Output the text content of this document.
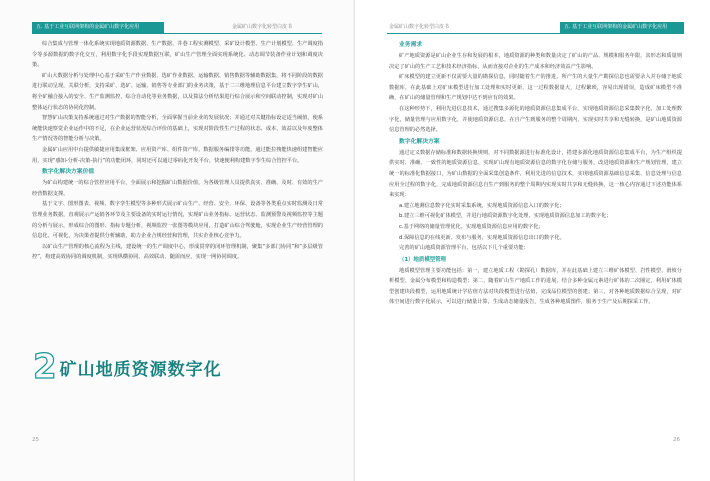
五. 基于工业互联网架构的金属矿山数字化应用	金属矿山数字化转型白皮书

综合集成与管理一体化系统实现地质资源数据、生产数据、井巷工程实测模型、采矿设计模型、生产计划模型、生产调度指令等多源数据的数字化交互，利用数字化手段实现数据互联，矿山生产管理全面实现系统化、动态调节装备作业计划和调度决策。

矿山大数据分析与处理中心基于采矿生产作业数据、选矿作业数据、运输数据、销售数据等辅助数据集，将不同阶段的数据进行联动呈现，关联分析，支持采矿、选矿、运输、销售等专业部门的业务决策，基于二三维地理信息平台建立数字孪生矿山，将全矿融合接入的安全、生产监测监控，综合自动化等业务数据，以及算法分析结果进行综合展示和空间联动控制，实现对矿山整体运行状态的协同化控制。

智慧矿山决策支持系统通过对生产数据的智能分析，全面掌握当前企业的发展状况；并通过对关键指标设定适当阈值，使系统能快速察觉企业运作中的不足，在企业运营状况综合评价的基础上，实现对阶段性生产过程的状态、成本、效益以及年度整体生产情况等的智能分析与决策。

金属矿山应用中台提供敏捷应用集成框架、应用资产库、组件资产库、数据服务编排等功能，通过能拉拽能快速组建智能应用，实现“感知-分析-决策-执行”的功能闭环，同时还可以通过零码化开发平台，快速便利构建数字孪生综合管控平台。

数字化解决方案价值

为矿山构建统一的综合管控应用平台，全面展示和挖掘矿山数据价值，为各级管理人员提供真实、准确、及时、有效的生产经营数据支撑。

基于文字、图形图表、视频、数字孪生模型等多种形式展示矿山生产、经营、安全、环保、设备等各类重点实时监测及日常管理业务数据，直观展示产运销各环节及主要设备的实时运行情况，实现矿山业务指标、运营状态、监测预警及视频监控等主题的分析与展示，形成综合的图形、指标专题分析，视频监控一张图等模块应用，打造矿山综合驾驶舱，实现企业生产经营管理的信息化、可视化，为决策者提供分析辅助，助力企业合规经营和管理，共实企业核心竞争力。

以矿山生产管理的核心流程为主线，建设统一的生产调度中心，形成贯穿的闭环管理机制，聚集“多部门协同”和“多层级管控”，构建高效协同的调度机制，实现纵横协同、高效联动、随需而应，实现一网协同调度。

2 矿山地质资源数字化
25
金属矿山数字化转型白皮书	五. 基于工业互联网架构的金属矿山数字化应用
业务需求

矿产地质资源是矿山企业生存和发展的根本，地质资源的种类和数量决定了矿山的产品、规模和服务年限，其形态和质量则决定了矿山的生产工艺和技术经济指标，从而直接对企业的生产成本和经济效益产生影响。

矿床模型的建立更新不仅需要大量的勘探信息，同时随着生产的推进，所产生的大量生产勘探信息也需要录入并存储于地质数据库，在此基础上对矿床模型进行加工处理和实时更新，这一过程数据量大，过程繁琐，容易出现错误，造成矿床模型不准确，在矿山的储量管理和生产规划中达不到应有的效果。

在这种形势下，利用先进信息技术，通过搜集多源化的地质资源信息集成平台，实现地质资源信息采集数字化，加工处理数字化，储量管理与应用数字化，并使地质资源信息，在自产生到服务的整个周期内，实现实时共享和无缝转换，是矿山地质资源信息管理的必然选择。

数字化解决方案

通过定义数据存储标准和数据转换规则，对不同数据源进行标准化设计，搭建多源化地质资源信息集成平台，为生产组织提供实时、准确、一致性的地质资源信息，实现矿山现有地质资源信息的数字化存储与服务，改进地质资源和生产规划管理，建立统一的标准化数据接口，为矿山数据的全面采集创造条件，利用先进的信息技术，实现地质资源基础信息采集、信息处理与信息应用全过程的数字化，完成地质资源信息自生产到服务的整个周期内实现实时共享和无缝转换，这一核心内容通过下述功能体系来实现：

a.建立地测信息数字化实时采集系统，实现地质资源信息入口的数字化；

b.建立三维可视化矿体模型，并进行地质资源数字化处理，实现地质资源信息加工的数字化；

c.基于网络的储量管理优化，实现地质资源信息应用的数字化；

d.保障信息的在线更新、发布与服务，实现地质资源信息出口的数字化。

完善的矿山地质资源管理平台，包括以下几个重要功能：

（1）地质模型管理

地质模型管理主要功能包括：第一，建立地质工程（勘探孔）数据库，并在此基础上建立三维矿体模型、岩性模型、滑坡分析模型、金属分布模型和构造模型；第二，随着矿山生产地质工作的进展，结合多种金属元素进行矿体的二次圈定，利用矿体模型创建块段模型，运用地质统计学估值方法对块段模型进行估值，完成品位模型的创建；第三，对各种地质数据综合呈现，对矿体空间进行数字化展示，可以进行储量计算，生成动态储量报告，生成各种地质图件，服务于生产及后期探采工作。

26
